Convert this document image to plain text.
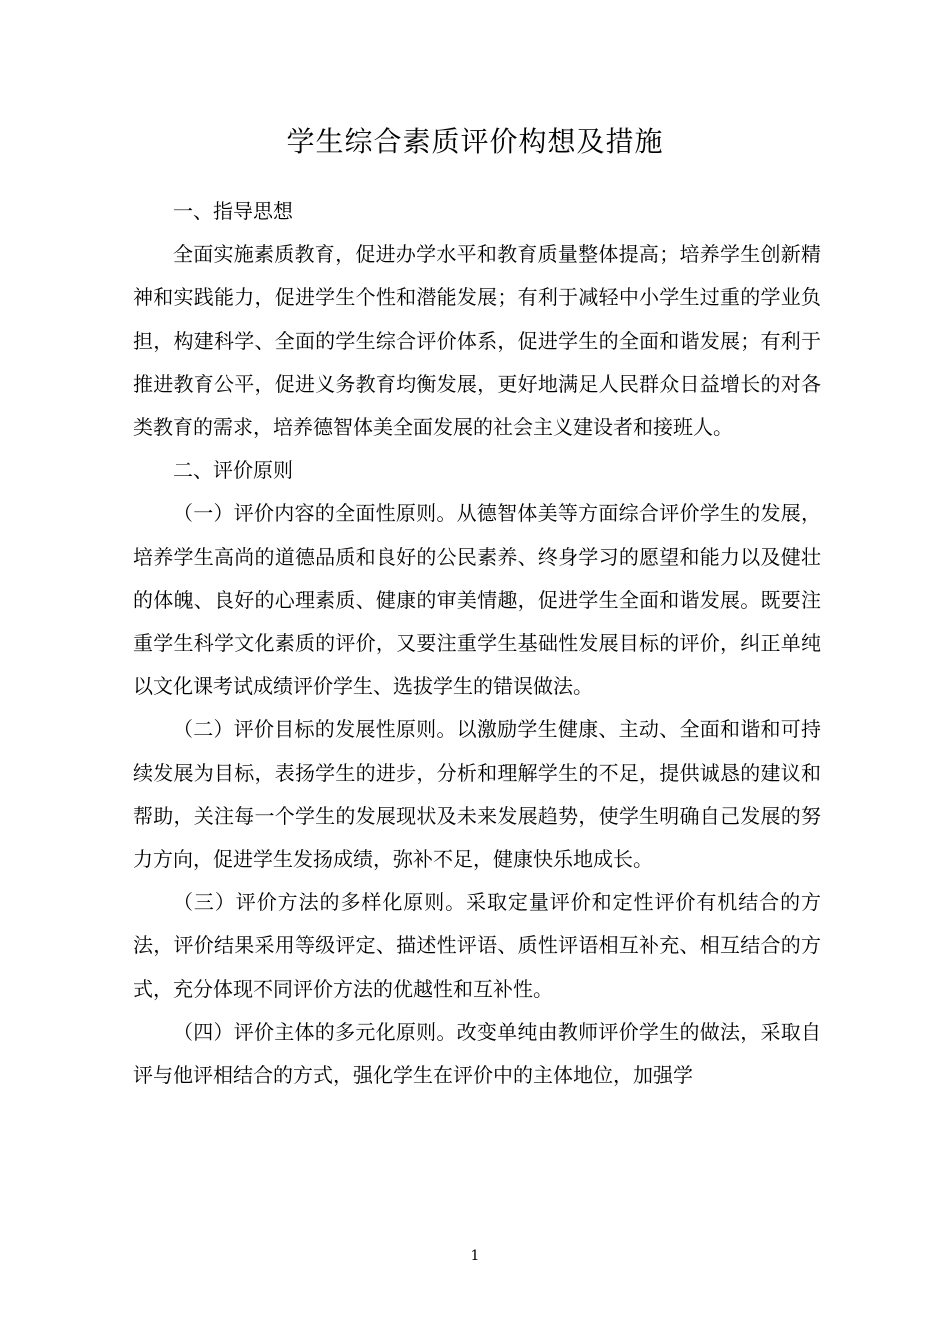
学生综合素质评价构想及措施

一、指导思想

全面实施素质教育，促进办学水平和教育质量整体提高；培养学生创新精神和实践能力，促进学生个性和潜能发展；有利于减轻中小学生过重的学业负担，构建科学、全面的学生综合评价体系，促进学生的全面和谐发展；有利于推进教育公平，促进义务教育均衡发展，更好地满足人民群众日益增长的对各类教育的需求，培养德智体美全面发展的社会主义建设者和接班人。

二、评价原则

（一）评价内容的全面性原则。从德智体美等方面综合评价学生的发展，培养学生高尚的道德品质和良好的公民素养、终身学习的愿望和能力以及健壮的体魄、良好的心理素质、健康的审美情趣，促进学生全面和谐发展。既要注重学生科学文化素质的评价，又要注重学生基础性发展目标的评价，纠正单纯以文化课考试成绩评价学生、选拔学生的错误做法。

（二）评价目标的发展性原则。以激励学生健康、主动、全面和谐和可持续发展为目标，表扬学生的进步，分析和理解学生的不足，提供诚恳的建议和帮助，关注每一个学生的发展现状及未来发展趋势，使学生明确自己发展的努力方向，促进学生发扬成绩，弥补不足，健康快乐地成长。

（三）评价方法的多样化原则。采取定量评价和定性评价有机结合的方法，评价结果采用等级评定、描述性评语、质性评语相互补充、相互结合的方式，充分体现不同评价方法的优越性和互补性。

（四）评价主体的多元化原则。改变单纯由教师评价学生的做法，采取自评与他评相结合的方式，强化学生在评价中的主体地位，加强学

1
